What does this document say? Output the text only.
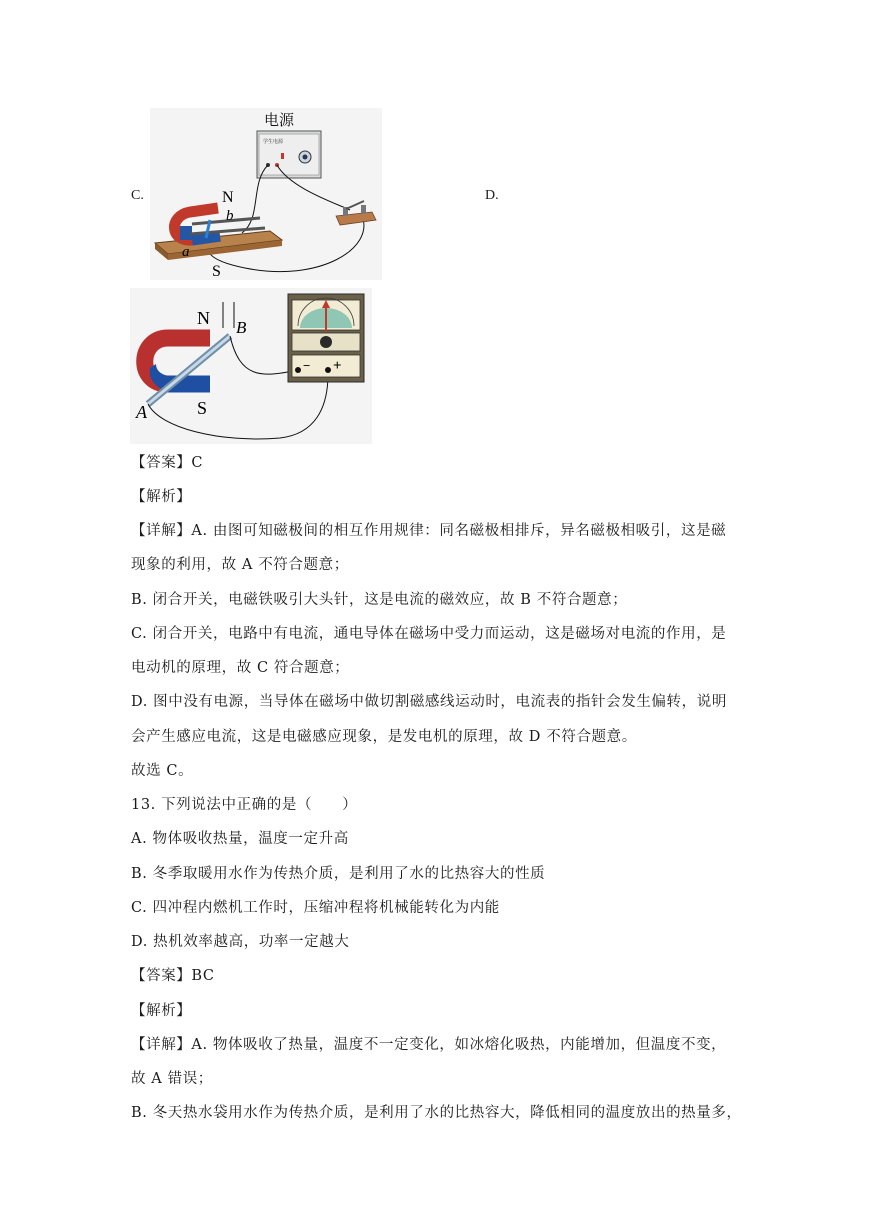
C.	D.
电源
学生电源
N
b
a
S
− +
N B
S
A
【答案】C
【解析】
【详解】A. 由图可知磁极间的相互作用规律：同名磁极相排斥，异名磁极相吸引，这是磁
现象的利用，故 A 不符合题意；
B. 闭合开关，电磁铁吸引大头针，这是电流的磁效应，故 B 不符合题意；
C. 闭合开关，电路中有电流，通电导体在磁场中受力而运动，这是磁场对电流的作用，是
电动机的原理，故 C 符合题意；
D. 图中没有电源，当导体在磁场中做切割磁感线运动时，电流表的指针会发生偏转，说明
会产生感应电流，这是电磁感应现象，是发电机的原理，故 D 不符合题意。
故选 C。
13. 下列说法中正确的是（　　）
A. 物体吸收热量，温度一定升高
B. 冬季取暖用水作为传热介质，是利用了水的比热容大的性质
C. 四冲程内燃机工作时，压缩冲程将机械能转化为内能
D. 热机效率越高，功率一定越大
【答案】BC
【解析】
【详解】A. 物体吸收了热量，温度不一定变化，如冰熔化吸热，内能增加，但温度不变，
故 A 错误；
B. 冬天热水袋用水作为传热介质，是利用了水的比热容大，降低相同的温度放出的热量多，
